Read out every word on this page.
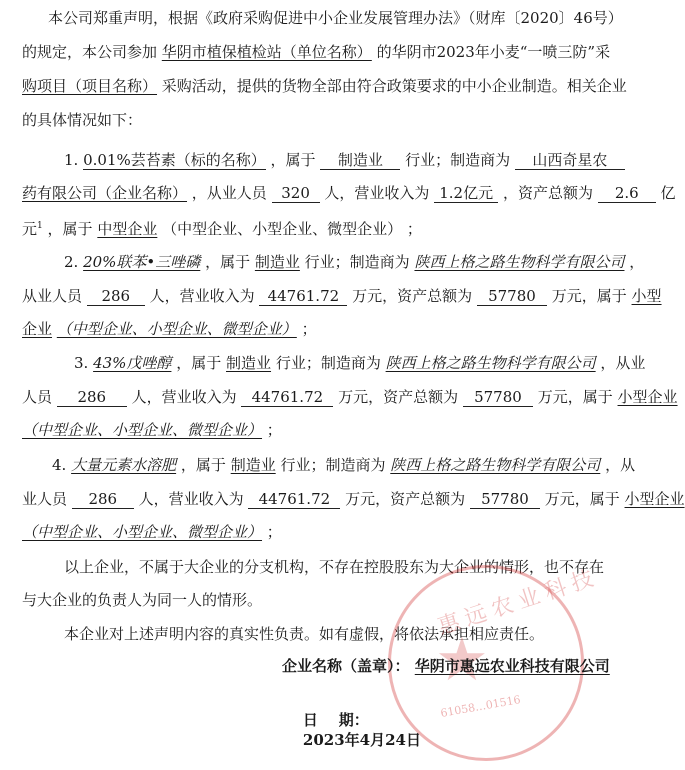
本公司郑重声明，根据《政府采购促进中小企业发展管理办法》（财库〔2020〕46号）
的规定，本公司参加 华阴市植保植检站（单位名称） 的华阴市2023年小麦“一喷三防”采
购项目（项目名称） 采购活动，提供的货物全部由符合政策要求的中小企业制造。相关企业
的具体情况如下：
1. 0.01%芸苔素（标的名称） ，属于 制造业 行业；制造商为 山西奇星农
药有限公司（企业名称） ，从业人员 320 人，营业收入为 1.2亿元 ，资产总额为 2.6 亿
元$^1$ ，属于 中型企业 （中型企业、小型企业、微型企业） ；
2. 20%联苯•三唑磷 ，属于 制造业 行业；制造商为 陕西上格之路生物科学有限公司 ，
从业人员 286 人，营业收入为 44761.72 万元，资产总额为 57780 万元，属于 小型
企业 （中型企业、小型企业、微型企业） ；
3. 43%戊唑醇 ，属于 制造业 行业；制造商为 陕西上格之路生物科学有限公司 ，从业
人员 286 人，营业收入为 44761.72 万元，资产总额为 57780 万元，属于 小型企业
（中型企业、小型企业、微型企业） ；
4. 大量元素水溶肥 ，属于 制造业 行业；制造商为 陕西上格之路生物科学有限公司 ，从
业人员 286 人，营业收入为 44761.72 万元，资产总额为 57780 万元，属于 小型企业
（中型企业、小型企业、微型企业） ；
以上企业，不属于大企业的分支机构，不存在控股股东为大企业的情形，也不存在
与大企业的负责人为同一人的情形。
本企业对上述声明内容的真实性负责。如有虚假，将依法承担相应责任。
★
惠远农业科技
61058…01516
企业名称（盖章）： 华阴市惠远农业科技有限公司

日    期：
2023年4月24日
